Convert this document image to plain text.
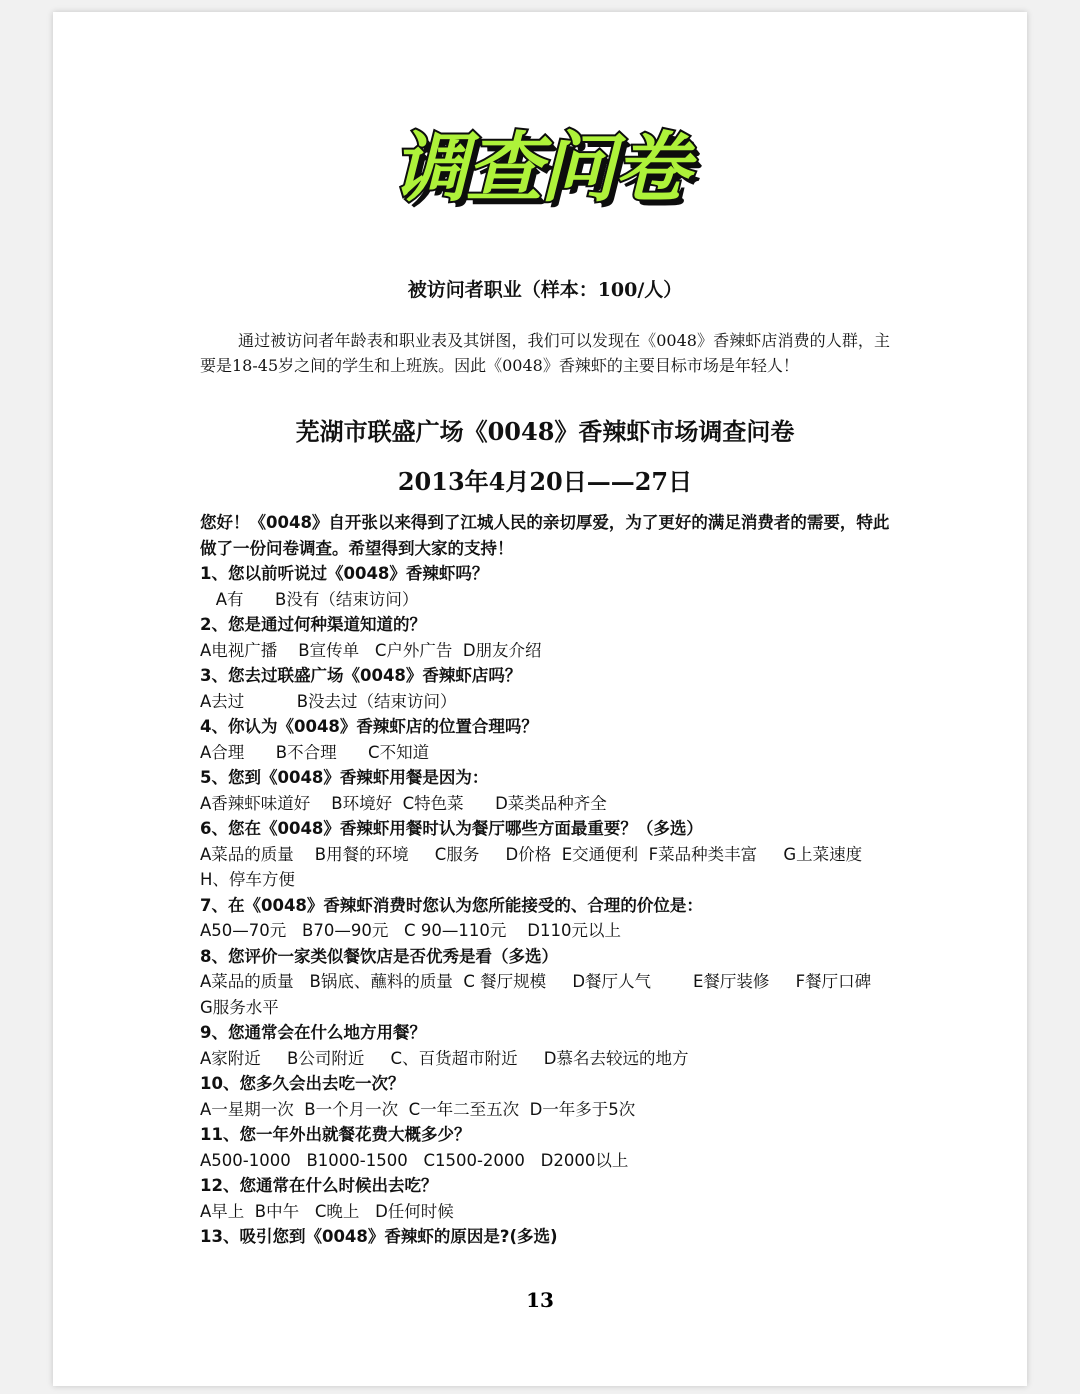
调查问卷

被访问者职业（样本：100/人）

通过被访问者年龄表和职业表及其饼图，我们可以发现在《0048》香辣虾店消费的人群，主要是18-45岁之间的学生和上班族。因此《0048》香辣虾的主要目标市场是年轻人！

芜湖市联盛广场《0048》香辣虾市场调查问卷

2013年4月20日——27日

您好！《0048》自开张以来得到了江城人民的亲切厚爱，为了更好的满足消费者的需要，特此做了一份问卷调查。希望得到大家的支持！

1、您以前听说过《0048》香辣虾吗？

A有      B没有（结束访问）

2、您是通过何种渠道知道的？

A电视广播    B宣传单   C户外广告  D朋友介绍

3、您去过联盛广场《0048》香辣虾店吗？

A去过          B没去过（结束访问）

4、你认为《0048》香辣虾店的位置合理吗？

A合理      B不合理      C不知道

5、您到《0048》香辣虾用餐是因为：

A香辣虾味道好    B环境好  C特色菜      D菜类品种齐全

6、您在《0048》香辣虾用餐时认为餐厅哪些方面最重要？（多选）

A菜品的质量    B用餐的环境     C服务     D价格  E交通便利  F菜品种类丰富     G上菜速度     H、停车方便

7、在《0048》香辣虾消费时您认为您所能接受的、合理的价位是：

A50—70元   B70—90元   C 90—110元    D110元以上

8、您评价一家类似餐饮店是否优秀是看（多选）

A菜品的质量   B锅底、蘸料的质量  C 餐厅规模     D餐厅人气        E餐厅装修     F餐厅口碑     G服务水平

9、您通常会在什么地方用餐？

A家附近     B公司附近     C、百货超市附近     D慕名去较远的地方

10、您多久会出去吃一次？

A一星期一次  B一个月一次  C一年二至五次  D一年多于5次

11、您一年外出就餐花费大概多少？

A500-1000   B1000-1500   C1500-2000   D2000以上

12、您通常在什么时候出去吃？

A早上  B中午   C晚上   D任何时候

13、吸引您到《0048》香辣虾的原因是?(多选)

13
